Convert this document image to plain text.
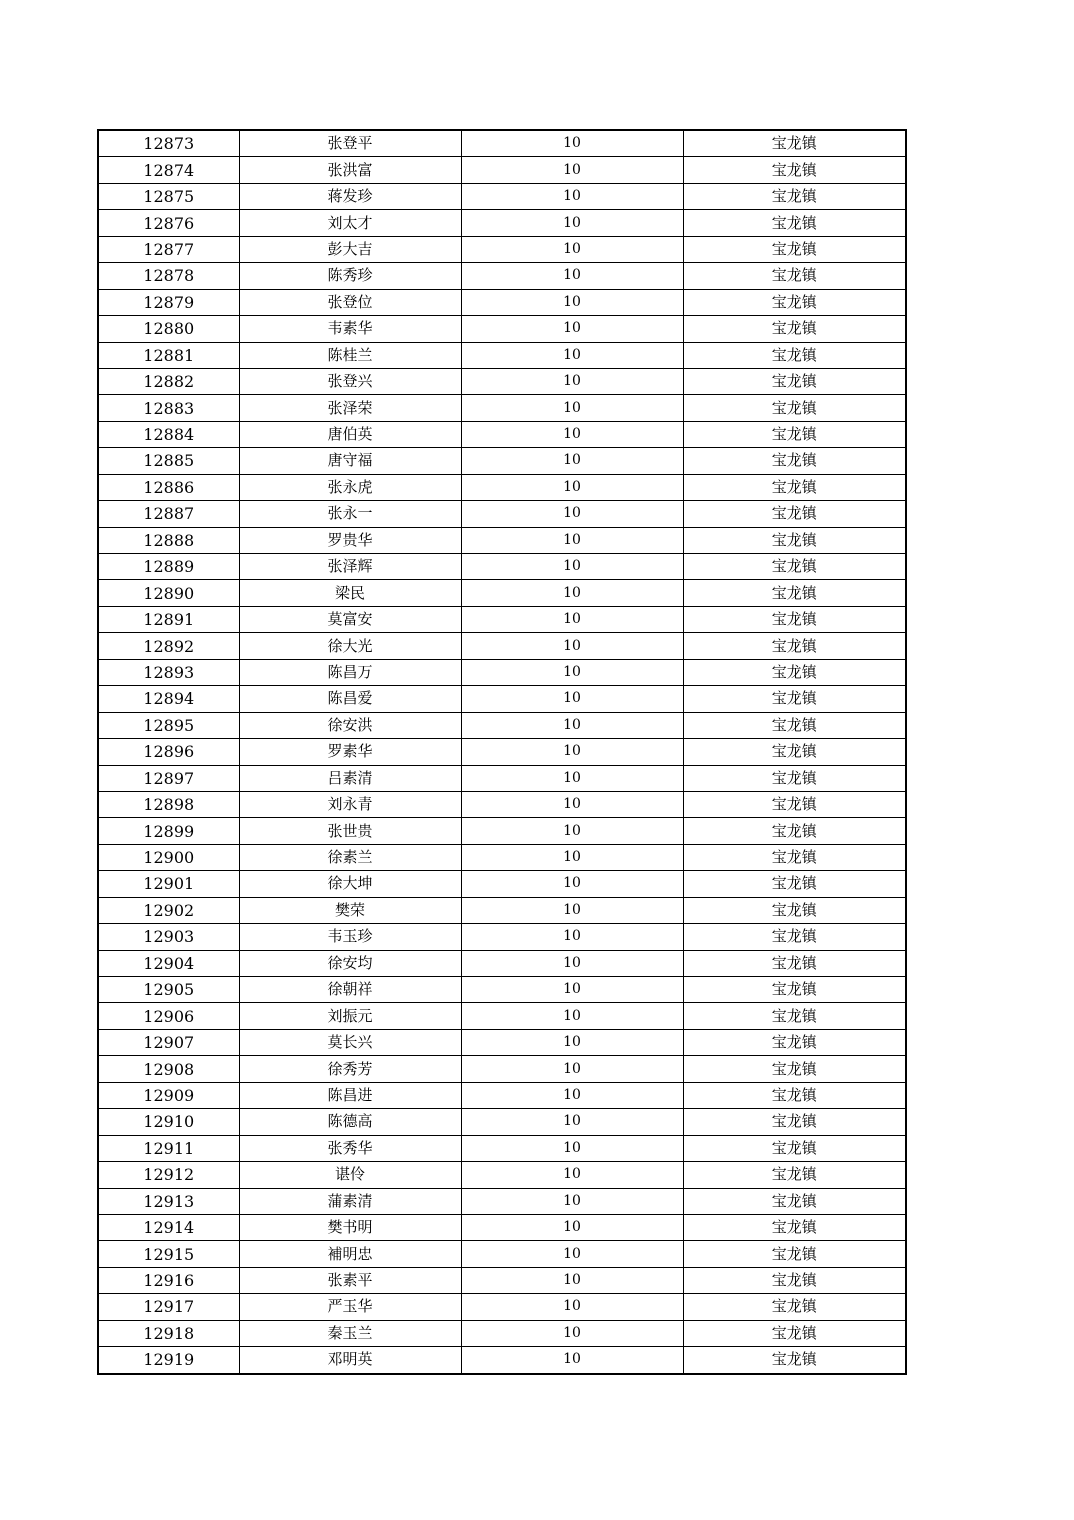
12873	张登平	10	宝龙镇
12874	张洪富	10	宝龙镇
12875	蒋发珍	10	宝龙镇
12876	刘太才	10	宝龙镇
12877	彭大吉	10	宝龙镇
12878	陈秀珍	10	宝龙镇
12879	张登位	10	宝龙镇
12880	韦素华	10	宝龙镇
12881	陈桂兰	10	宝龙镇
12882	张登兴	10	宝龙镇
12883	张泽荣	10	宝龙镇
12884	唐伯英	10	宝龙镇
12885	唐守福	10	宝龙镇
12886	张永虎	10	宝龙镇
12887	张永一	10	宝龙镇
12888	罗贵华	10	宝龙镇
12889	张泽辉	10	宝龙镇
12890	梁民	10	宝龙镇
12891	莫富安	10	宝龙镇
12892	徐大光	10	宝龙镇
12893	陈昌万	10	宝龙镇
12894	陈昌爱	10	宝龙镇
12895	徐安洪	10	宝龙镇
12896	罗素华	10	宝龙镇
12897	吕素清	10	宝龙镇
12898	刘永青	10	宝龙镇
12899	张世贵	10	宝龙镇
12900	徐素兰	10	宝龙镇
12901	徐大坤	10	宝龙镇
12902	樊荣	10	宝龙镇
12903	韦玉珍	10	宝龙镇
12904	徐安均	10	宝龙镇
12905	徐朝祥	10	宝龙镇
12906	刘振元	10	宝龙镇
12907	莫长兴	10	宝龙镇
12908	徐秀芳	10	宝龙镇
12909	陈昌进	10	宝龙镇
12910	陈德高	10	宝龙镇
12911	张秀华	10	宝龙镇
12912	谌伶	10	宝龙镇
12913	蒲素清	10	宝龙镇
12914	樊书明	10	宝龙镇
12915	補明忠	10	宝龙镇
12916	张素平	10	宝龙镇
12917	严玉华	10	宝龙镇
12918	秦玉兰	10	宝龙镇
12919	邓明英	10	宝龙镇
